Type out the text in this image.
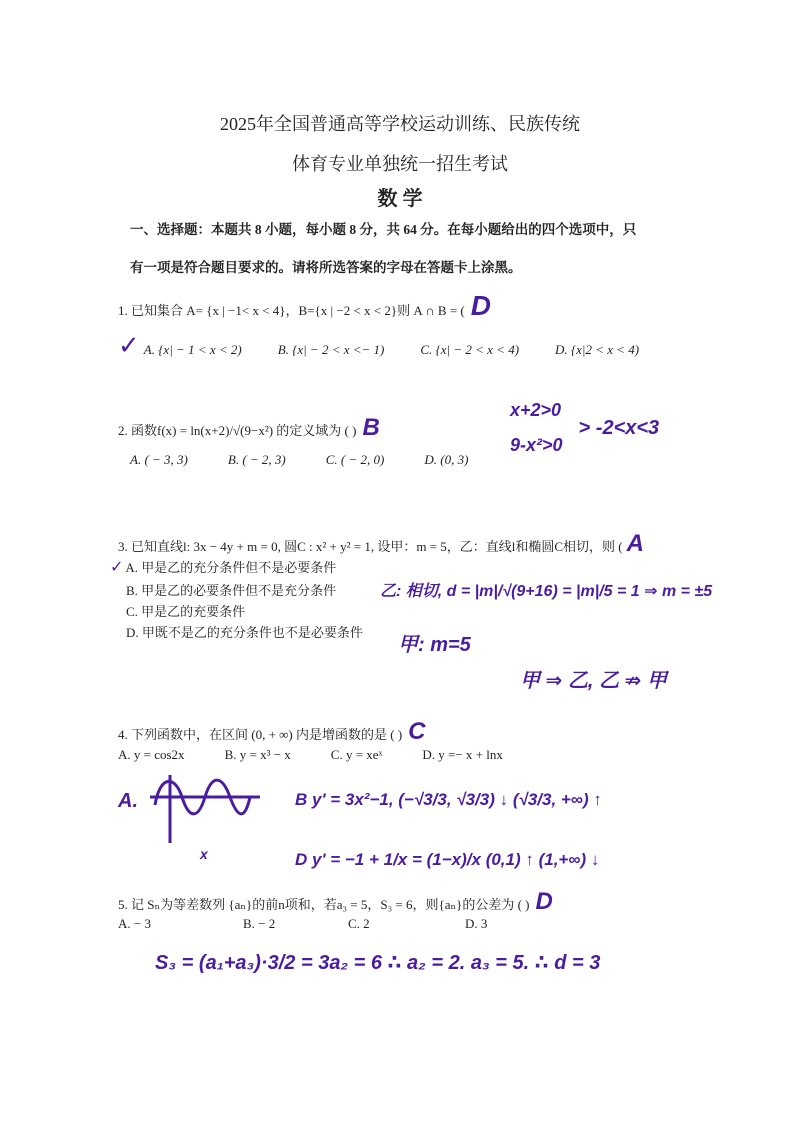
2025年全国普通高等学校运动训练、民族传统
体育专业单独统一招生考试
数 学
一、选择题：本题共 8 小题，每小题 8 分，共 64 分。在每小题给出的四个选项中，只
有一项是符合题目要求的。请将所选答案的字母在答题卡上涂黑。
1. 已知集合 A= {x | −1< x < 4}，B={x | −2 < x < 2}则 A ∩ B = ( D
✓ A. {x| − 1 < x < 2)	B. {x| − 2 < x <− 1)	C. {x| − 2 < x < 4)	D. {x|2 < x < 4)
2. 函数f(x) = ln(x+2)/√(9−x²) 的定义域为 ( ) B
A. ( − 3, 3)	B. ( − 2, 3)	C. ( − 2, 0)	D. (0, 3)
x+2>0
9-x²>0
> -2<x<3
3. 已知直线l: 3x − 4y + m = 0, 圆C : x² + y² = 1, 设甲：m = 5，乙：直线l和椭圆C相切，则 ( A
✓ A. 甲是乙的充分条件但不是必要条件
B. 甲是乙的必要条件但不是充分条件
C. 甲是乙的充要条件
D. 甲既不是乙的充分条件也不是必要条件
乙: 相切, d = |m|/√(9+16) = |m|/5 = 1 ⇒ m = ±5
甲: m=5
甲 ⇒ 乙, 乙 ⇏ 甲
4. 下列函数中，在区间 (0, + ∞) 内是增函数的是 ( ) C
A. y = cos2x	B. y = x³ − x	C. y = xeˣ	D. y =− x + lnx
A.
x
B y' = 3x²−1, (−√3/3, √3/3) ↓ (√3/3, +∞) ↑
D y' = −1 + 1/x = (1−x)/x (0,1) ↑ (1,+∞) ↓
5. 记 Sₙ为等差数列 {aₙ}的前n项和，若a₃ = 5，S₃ = 6，则{aₙ}的公差为 ( ) D
A. − 3	B. − 2	C. 2	D. 3
S₃ = (a₁+a₃)·3/2 = 3a₂ = 6 ∴ a₂ = 2. a₃ = 5. ∴ d = 3
